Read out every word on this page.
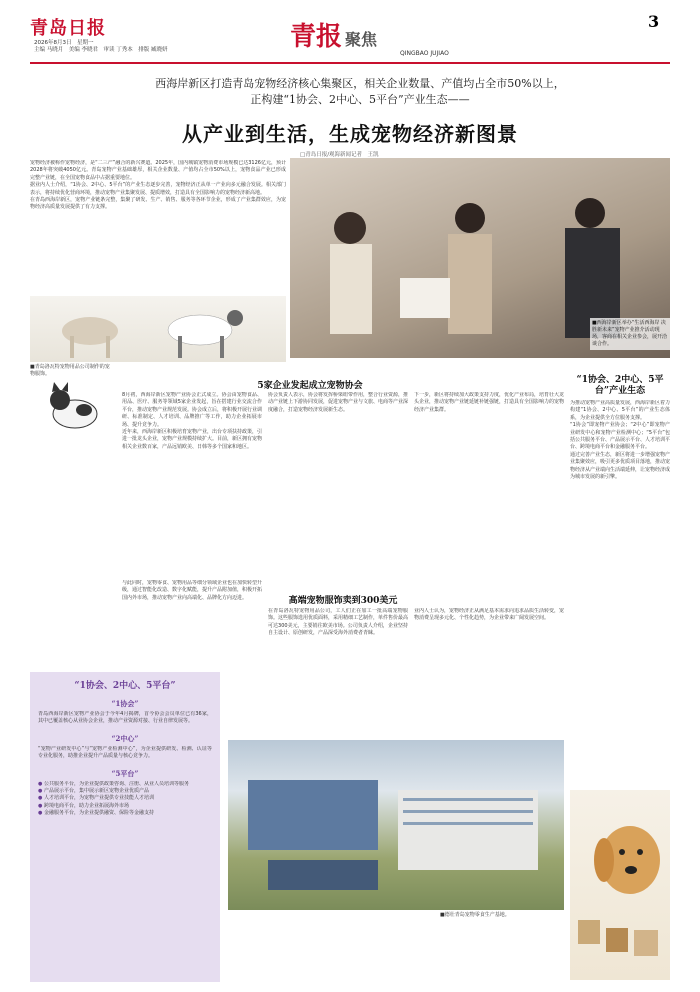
青岛日报
2026年8月3日　星期一
主编 马晓月　美编 李晓君　审读 丁秀本　排版 臧晓妍	青报 聚焦
QINGBAO JUJIAO
3
西海岸新区打造青岛宠物经济核心集聚区，相关企业数量、产值均占全市50%以上，
正构建“1协会、2中心、5平台”产业生态——
从产业到生活，生成宠物经济新图景
□青岛日报/观海新闻记者　王凯

宠物经济被称作宠物经济，是“二三产”融合的新兴赛道。2025年，国内城镇宠物消费市场规模已达3126亿元，预计2028年将突破4050亿元。青岛宠物产业基础雄厚，相关企业数量、产值均占全市50%以上，宠物食品产业已形成完整产业链，在全国宠物食品中占据重要地位。

据业内人士介绍，“1协会、2中心、5平台”的产业生态逐步完善，宠物经济正从单一产业向多元融合发展。相关部门表示，将持续优化营商环境，推动宠物产业集聚发展、提质增效，打造具有全国影响力的宠物经济新高地。

在青岛西海岸新区，宠物产业链条完整，集聚了研发、生产、销售、服务等各环节企业，形成了产业集群效应，为宠物经济高质量发展提供了有力支撑。

■青岛洛瓦特宠物用品公司制作的宠物服饰。
■西海岸新区举办“生活西海岸 决胜新未来”宠物产业推介活动现场，客商在相关企业参会，展开洽谈合作。
5家企业发起成立宠物协会

8月初，西海岸新区宠物产业协会正式成立。协会由宠物食品、用品、医疗、服务等领域5家企业发起，旨在搭建行业交流合作平台，推动宠物产业规范发展。协会成立后，将积极开展行业调研、标准制定、人才培训、品牌推广等工作，助力企业拓展市场、提升竞争力。

近年来，西海岸新区积极培育宠物产业，出台专项扶持政策，引进一批龙头企业，宠物产业规模持续扩大。目前，新区拥有宠物相关企业数百家，产品远销欧美、日韩等多个国家和地区。

协会负责人表示，协会将发挥桥梁纽带作用，整合行业资源，推动产业链上下游协同发展，促进宠物产业与文旅、电商等产业深度融合，打造宠物经济发展新生态。

下一步，新区将持续加大政策支持力度，优化产业布局，培育壮大龙头企业，推动宠物产业链延链补链强链，打造具有全国影响力的宠物经济产业集群。

“1协会、2中心、5平台”产业生态

为推动宠物产业高质量发展，西海岸新区着力构建“1协会、2中心、5平台”的产业生态体系，为企业提供全方位服务支撑。

“1协会”即宠物产业协会；“2中心”即宠物产业研发中心和宠物产业检测中心；“5平台”包括公共服务平台、产品展示平台、人才培训平台、跨境电商平台和金融服务平台。

通过完善产业生态，新区将进一步增强宠物产业集聚效应，吸引更多优质项目落地，推动宠物经济从产业端向生活端延伸，让宠物经济成为城市发展的新引擎。

与此同时，宠物零食、宠物用品等细分领域企业也在加快转型升级，通过智能化改造、数字化赋能，提升产品附加值，积极开拓国内外市场，推动宠物产业向高端化、品牌化方向迈进。	高端宠物服饰卖到300美元

在青岛洛瓦特宠物用品公司，工人们正在加工一批高端宠物服饰。这些服饰选用优质面料，采用精细工艺制作，单件售价最高可达300美元，主要销往欧美市场。公司负责人介绍，企业坚持自主设计、原创研发，产品深受海外消费者青睐。

业内人士认为，宠物经济正从满足基本需求向追求品质生活转变，宠物消费呈现多元化、个性化趋势，为企业带来广阔发展空间。

“1协会、2中心、5平台”
“1协会”
青岛西海岸新区宠物产业协会于今年4月揭牌，首今协会会员单位已有36家，其中已覆盖核心从业协会企业，推动产业资源对接、行业自律发展等。
“2中心”
“宠物产业研发中心”与“宠物产业检测中心”，为企业提供研发、检测、认证等专业化服务，助推企业提升产品质量与核心竞争力。
“5平台”
● 公共服务平台，为企业提供政策咨询、注册、从业人员培训等服务
● 产品展示平台，集中展示新区宠物企业优质产品
● 人才培训平台，为宠物产业提供专业技能人才培训
● 跨境电商平台，助力企业拓展海外市场
● 金融服务平台，为企业提供融资、保险等金融支持
■德壮青岛宠物零食生产基地。
